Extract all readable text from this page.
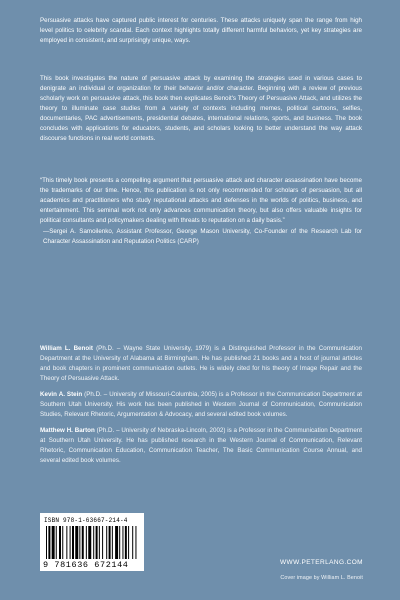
Persuasive attacks have captured public interest for centuries. These attacks uniquely span the range from high level politics to celebrity scandal. Each context highlights totally different harmful behaviors, yet key strategies are employed in consistent, and surprisingly unique, ways.

This book investigates the nature of persuasive attack by examining the strategies used in various cases to denigrate an individual or organization for their behavior and/or character. Beginning with a review of previous scholarly work on persuasive attack, this book then explicates Benoit's Theory of Persuasive Attack, and utilizes the theory to illuminate case studies from a variety of contexts including memes, political cartoons, selfies, documentaries, PAC advertisements, presidential debates, international relations, sports, and business. The book concludes with applications for educators, students, and scholars looking to better understand the way attack discourse functions in real world contexts.

“This timely book presents a compelling argument that persuasive attack and character assassination have become the trademarks of our time. Hence, this publication is not only recommended for scholars of persuasion, but all academics and practitioners who study reputational attacks and defenses in the worlds of politics, business, and entertainment. This seminal work not only advances communication theory, but also offers valuable insights for political consultants and policymakers dealing with threats to reputation on a daily basis.”

—Sergei A. Samoilenko, Assistant Professor, George Mason University, Co-Founder of the Research Lab for Character Assassination and Reputation Politics (CARP)

William L. Benoit (Ph.D. – Wayne State University, 1979) is a Distinguished Professor in the Communication Department at the University of Alabama at Birmingham. He has published 21 books and a host of journal articles and book chapters in prominent communication outlets. He is widely cited for his theory of Image Repair and the Theory of Persuasive Attack.

Kevin A. Stein (Ph.D. – University of Missouri-Columbia, 2005) is a Professor in the Communication Department at Southern Utah University. His work has been published in Western Journal of Communication, Communication Studies, Relevant Rhetoric, Argumentation & Advocacy, and several edited book volumes.

Matthew H. Barton (Ph.D. – University of Nebraska-Lincoln, 2002) is a Professor in the Communication Department at Southern Utah University. He has published research in the Western Journal of Communication, Relevant Rhetoric, Communication Education, Communication Teacher, The Basic Communication Course Annual, and several edited book volumes.

ISBN 978-1-63667-214-4
9 781636 672144	WWW.PETERLANG.COM
Cover image by William L. Benoit
